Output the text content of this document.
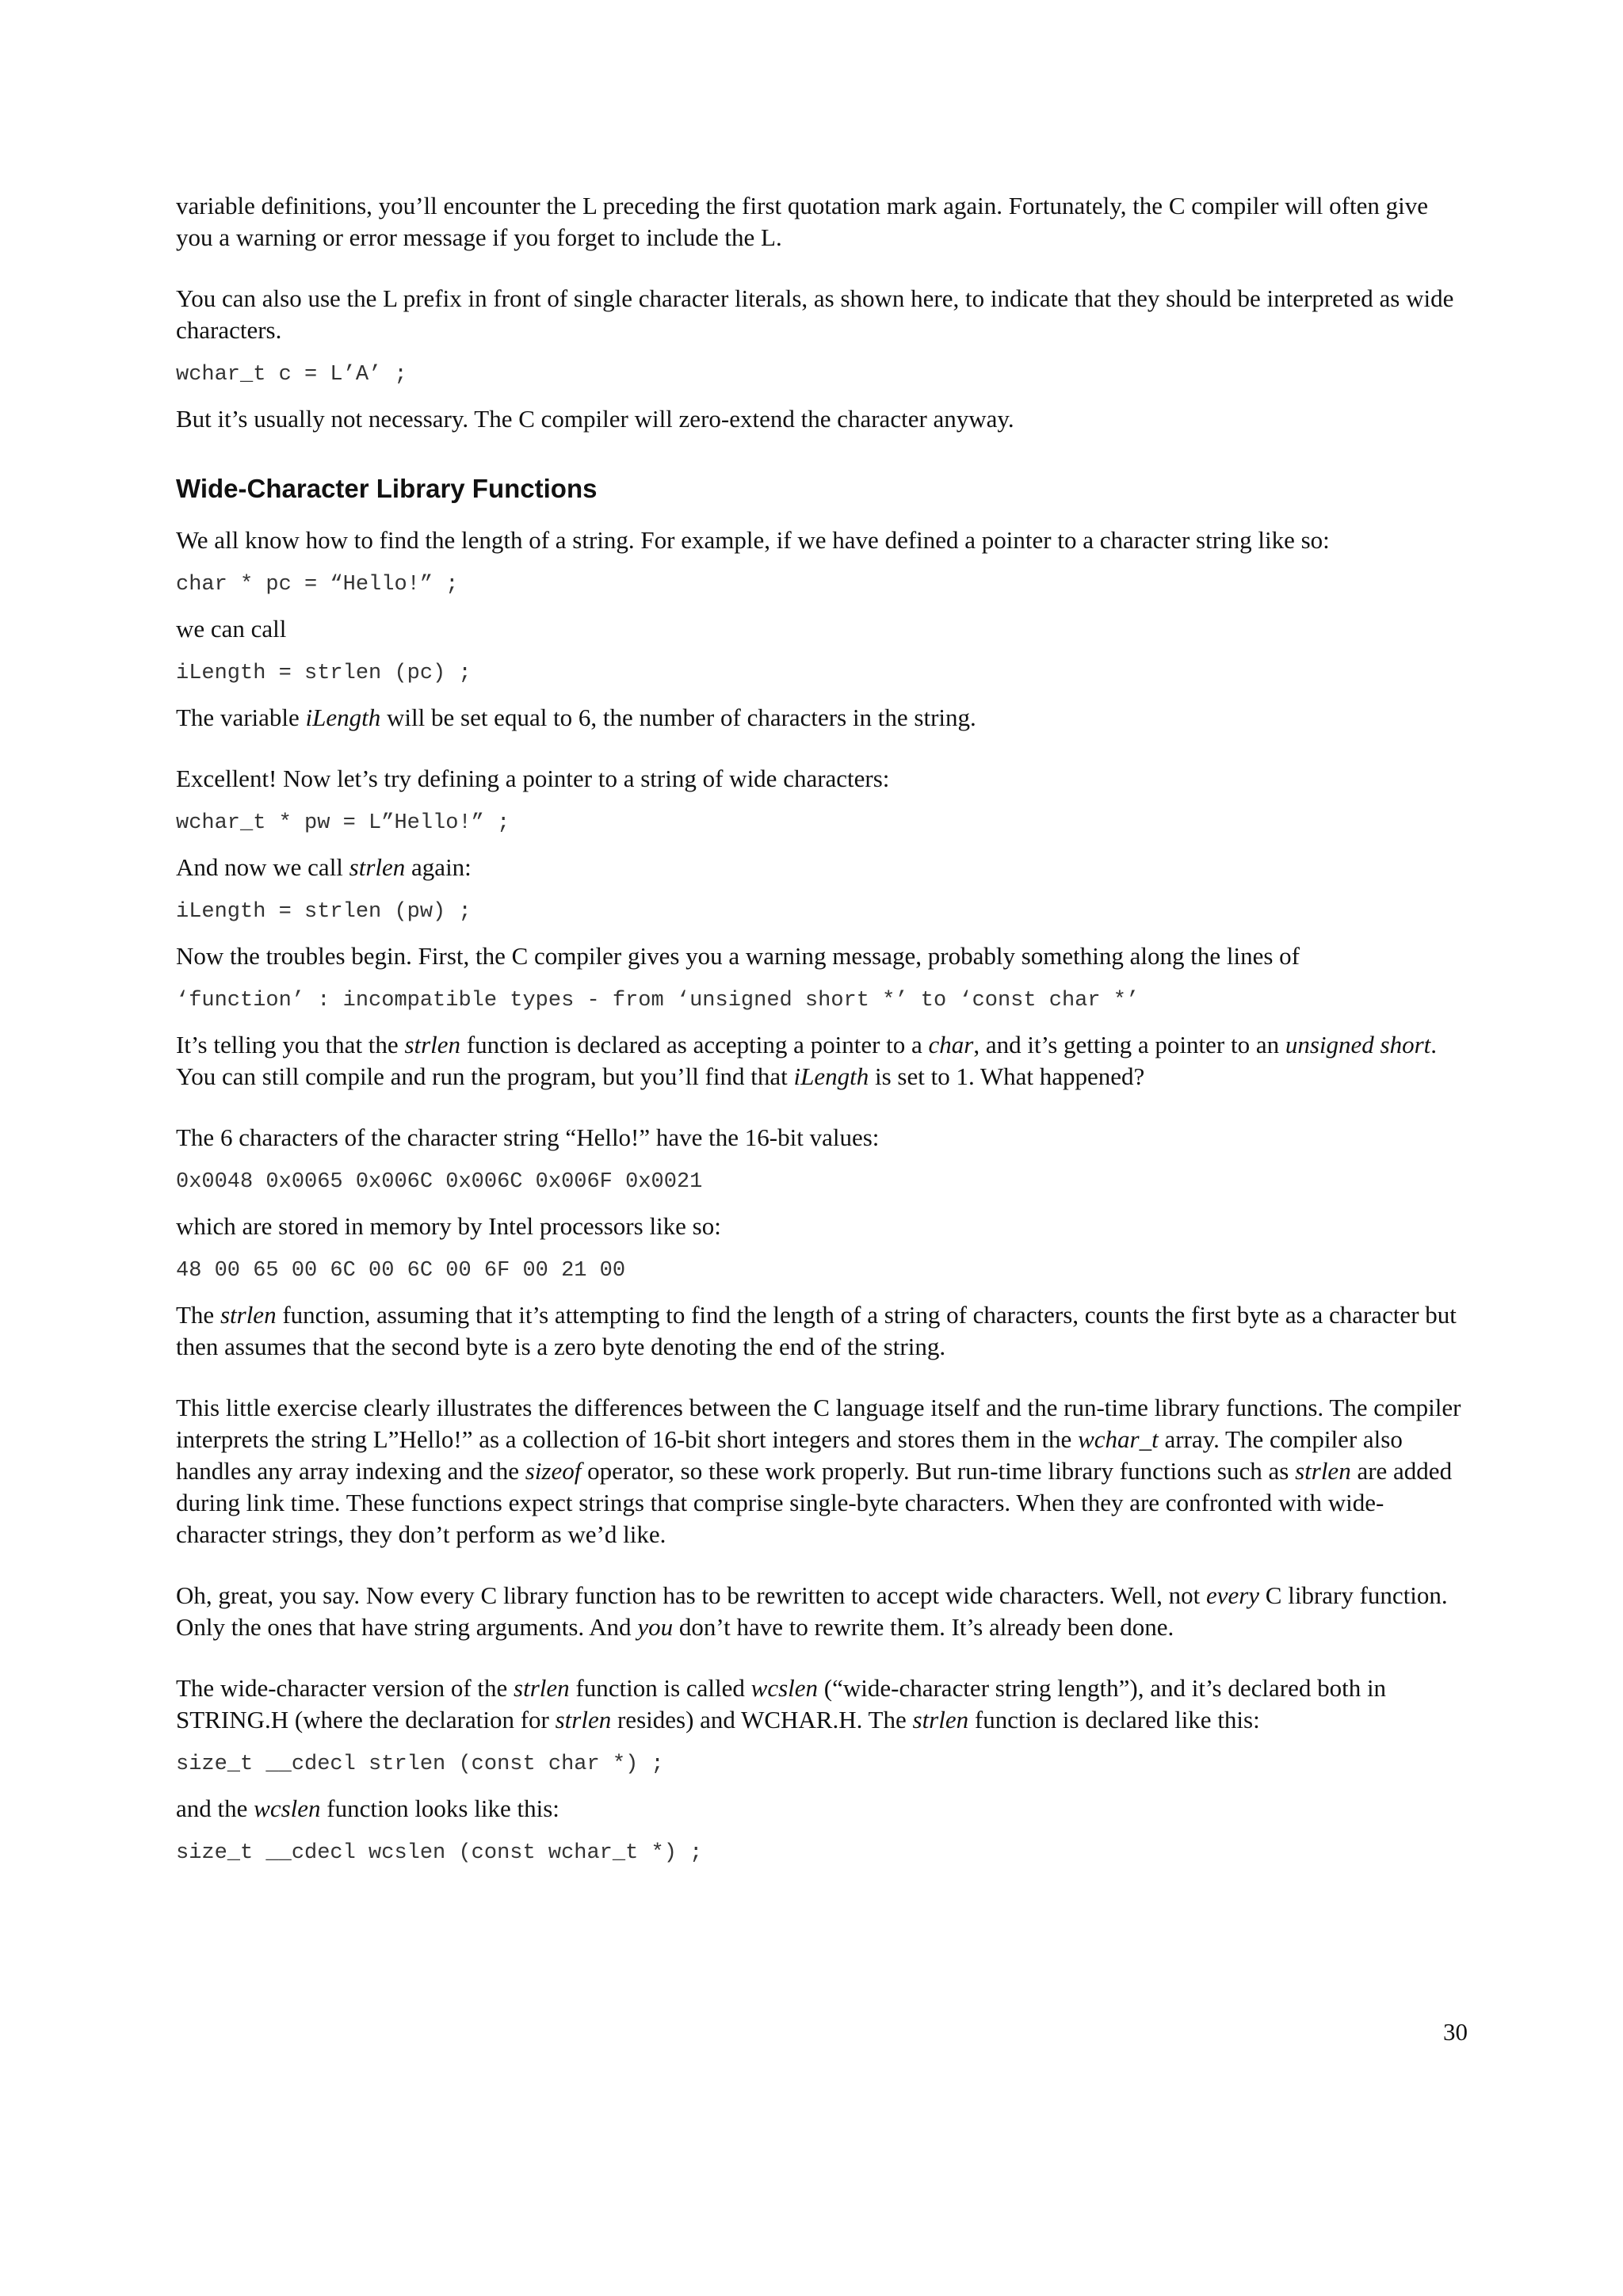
variable definitions, you’ll encounter the L preceding the first quotation mark again. Fortunately, the C compiler will often give you a warning or error message if you forget to include the L.

You can also use the L prefix in front of single character literals, as shown here, to indicate that they should be interpreted as wide characters.

wchar_t c = L’A’ ;

But it’s usually not necessary. The C compiler will zero-extend the character anyway.

Wide-Character Library Functions

We all know how to find the length of a string. For example, if we have defined a pointer to a character string like so:

char * pc = “Hello!” ;

we can call

iLength = strlen (pc) ;

The variable iLength will be set equal to 6, the number of characters in the string.

Excellent! Now let’s try defining a pointer to a string of wide characters:

wchar_t * pw = L”Hello!” ;

And now we call strlen again:

iLength = strlen (pw) ;

Now the troubles begin. First, the C compiler gives you a warning message, probably something along the lines of

‘function’ : incompatible types - from ‘unsigned short *’ to ‘const char *’

It’s telling you that the strlen function is declared as accepting a pointer to a char, and it’s getting a pointer to an unsigned short. You can still compile and run the program, but you’ll find that iLength is set to 1. What happened?

The 6 characters of the character string “Hello!” have the 16-bit values:

0x0048 0x0065 0x006C 0x006C 0x006F 0x0021

which are stored in memory by Intel processors like so:

48 00 65 00 6C 00 6C 00 6F 00 21 00

The strlen function, assuming that it’s attempting to find the length of a string of characters, counts the first byte as a character but then assumes that the second byte is a zero byte denoting the end of the string.

This little exercise clearly illustrates the differences between the C language itself and the run-time library functions. The compiler interprets the string L”Hello!” as a collection of 16-bit short integers and stores them in the wchar_t array. The compiler also handles any array indexing and the sizeof operator, so these work properly. But run-time library functions such as strlen are added during link time. These functions expect strings that comprise single-byte characters. When they are confronted with wide-character strings, they don’t perform as we’d like.

Oh, great, you say. Now every C library function has to be rewritten to accept wide characters. Well, not every C library function. Only the ones that have string arguments. And you don’t have to rewrite them. It’s already been done.

The wide-character version of the strlen function is called wcslen (“wide-character string length”), and it’s declared both in STRING.H (where the declaration for strlen resides) and WCHAR.H. The strlen function is declared like this:

size_t __cdecl strlen (const char *) ;

and the wcslen function looks like this:

size_t __cdecl wcslen (const wchar_t *) ;
30
